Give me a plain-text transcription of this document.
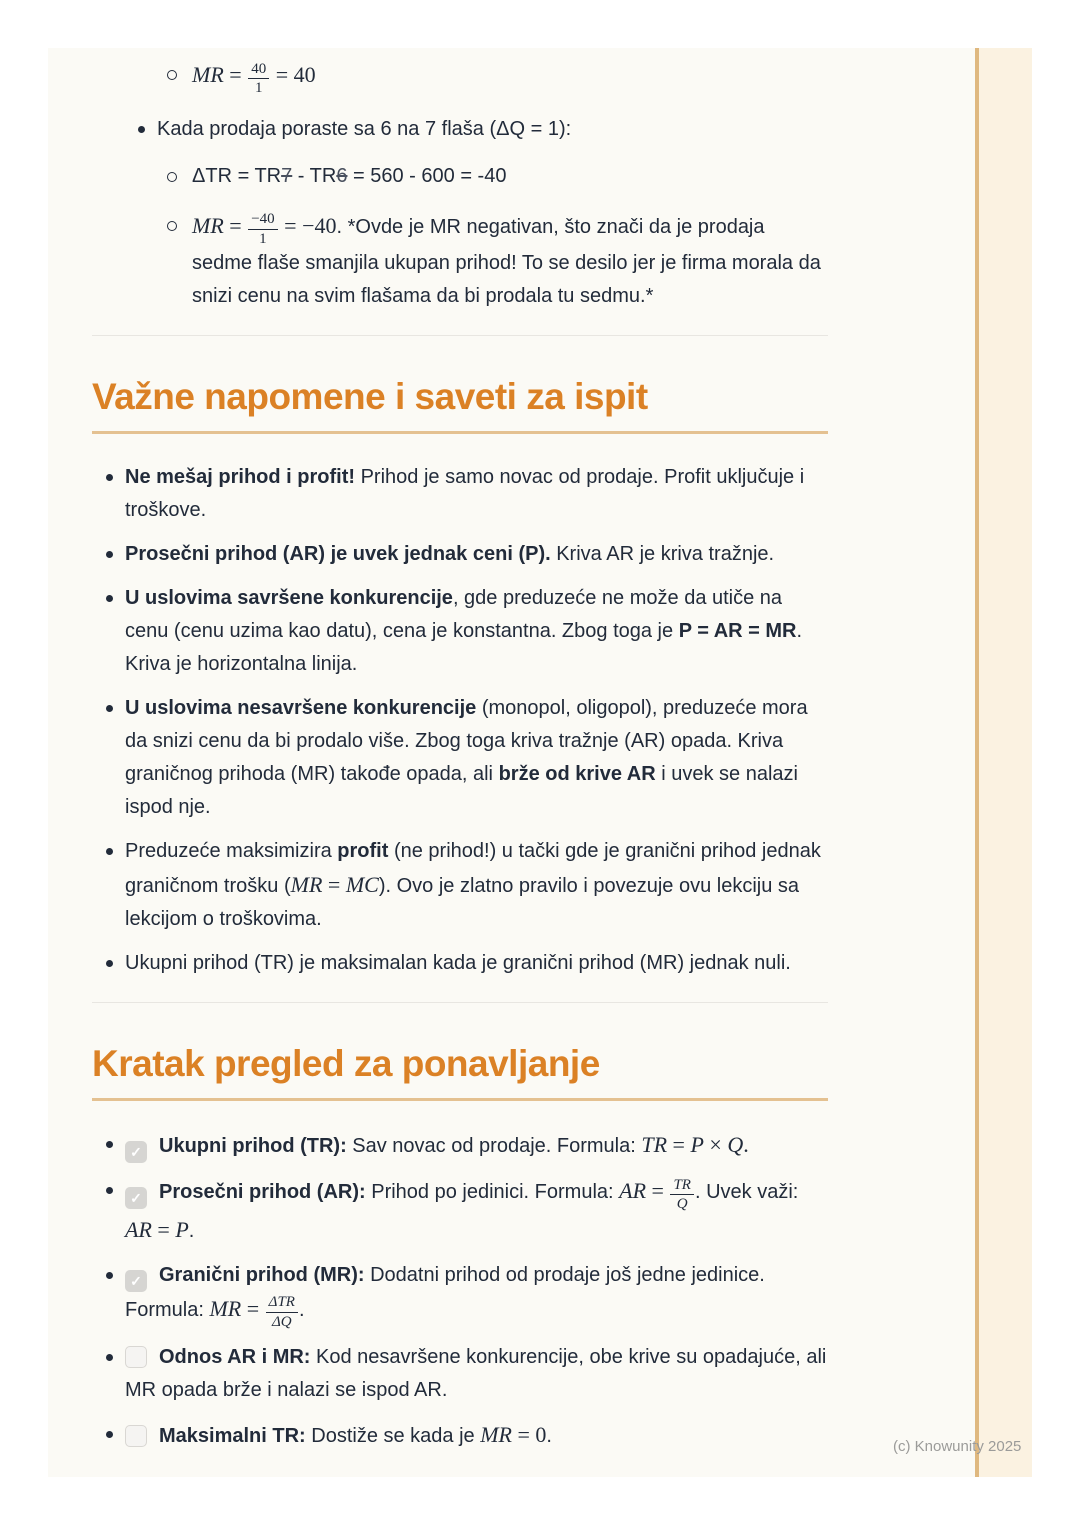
MR = $\frac{40}{1} = 40$
Kada prodaja poraste sa 6 na 7 flaša (ΔQ = 1):
ΔTR = TR7 - TR6 = 560 - 600 = -40
MR = $\frac{-40}{1} = -40$. *Ovde je MR negativan, što znači da je prodaja sedme flaše smanjila ukupan prihod! To se desilo jer je firma morala da snizi cenu na svim flašama da bi prodala tu sedmu.*
Važne napomene i saveti za ispit
Ne mešaj prihod i profit! Prihod je samo novac od prodaje. Profit uključuje i troškove.
Prosečni prihod (AR) je uvek jednak ceni (P). Kriva AR je kriva tražnje.
U uslovima savršene konkurencije, gde preduzeće ne može da utiče na cenu (cenu uzima kao datu), cena je konstantna. Zbog toga je P = AR = MR. Kriva je horizontalna linija.
U uslovima nesavršene konkurencije (monopol, oligopol), preduzeće mora da snizi cenu da bi prodalo više. Zbog toga kriva tražnje (AR) opada. Kriva graničnog prihoda (MR) takođe opada, ali brže od krive AR i uvek se nalazi ispod nje.
Preduzeće maksimizira profit (ne prihod!) u tački gde je granični prihod jednak graničnom trošku (MR = MC). Ovo je zlatno pravilo i povezuje ovu lekciju sa lekcijom o troškovima.
Ukupni prihod (TR) je maksimalan kada je granični prihod (MR) jednak nuli.
Kratak pregled za ponavljanje
✓ Ukupni prihod (TR): Sav novac od prodaje. Formula: TR = P × Q.
✓ Prosečni prihod (AR): Prihod po jedinici. Formula: AR = $\frac{TR}{Q}$ . Uvek važi: AR = P.
✓ Granični prihod (MR): Dodatni prihod od prodaje još jedne jedinice. Formula: MR = $\frac{\text{ΔTR}}{\Delta Q}$ .
Odnos AR i MR: Kod nesavršene konkurencije, obe krive su opadajuće, ali MR opada brže i nalazi se ispod AR.
Maksimalni TR: Dostiže se kada je MR = 0.	(c) Knowunity 2025
